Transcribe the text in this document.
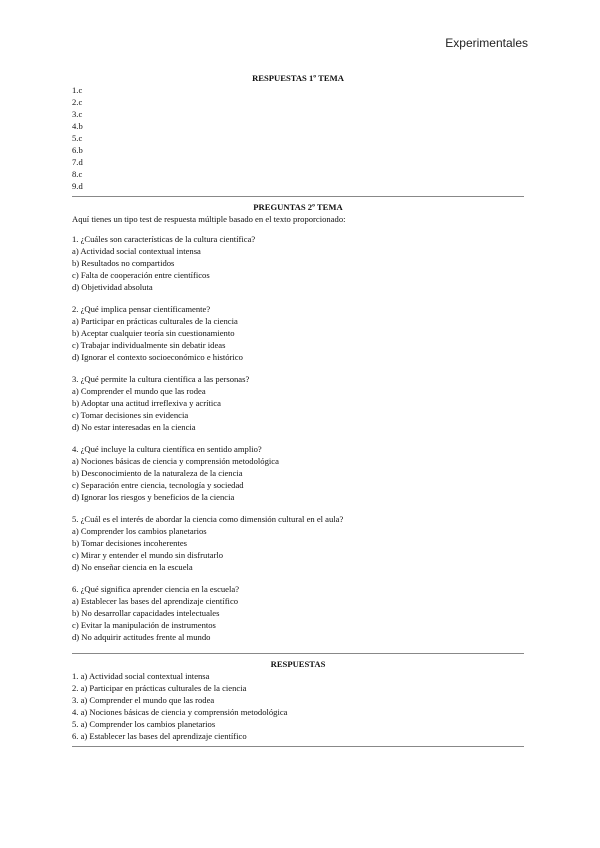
Experimentales
RESPUESTAS 1º TEMA
1.c
2.c
3.c
4.b
5.c
6.b
7.d
8.c
9.d
PREGUNTAS 2º TEMA
Aquí tienes un tipo test de respuesta múltiple basado en el texto proporcionado:
1. ¿Cuáles son características de la cultura científica?
a) Actividad social contextual intensa
b) Resultados no compartidos
c) Falta de cooperación entre científicos
d) Objetividad absoluta
2. ¿Qué implica pensar científicamente?
a) Participar en prácticas culturales de la ciencia
b) Aceptar cualquier teoría sin cuestionamiento
c) Trabajar individualmente sin debatir ideas
d) Ignorar el contexto socioeconómico e histórico
3. ¿Qué permite la cultura científica a las personas?
a) Comprender el mundo que las rodea
b) Adoptar una actitud irreflexiva y acrítica
c) Tomar decisiones sin evidencia
d) No estar interesadas en la ciencia
4. ¿Qué incluye la cultura científica en sentido amplio?
a) Nociones básicas de ciencia y comprensión metodológica
b) Desconocimiento de la naturaleza de la ciencia
c) Separación entre ciencia, tecnología y sociedad
d) Ignorar los riesgos y beneficios de la ciencia
5. ¿Cuál es el interés de abordar la ciencia como dimensión cultural en el aula?
a) Comprender los cambios planetarios
b) Tomar decisiones incoherentes
c) Mirar y entender el mundo sin disfrutarlo
d) No enseñar ciencia en la escuela
6. ¿Qué significa aprender ciencia en la escuela?
a) Establecer las bases del aprendizaje científico
b) No desarrollar capacidades intelectuales
c) Evitar la manipulación de instrumentos
d) No adquirir actitudes frente al mundo
RESPUESTAS
1. a) Actividad social contextual intensa
2. a) Participar en prácticas culturales de la ciencia
3. a) Comprender el mundo que las rodea
4. a) Nociones básicas de ciencia y comprensión metodológica
5. a) Comprender los cambios planetarios
6. a) Establecer las bases del aprendizaje científico
